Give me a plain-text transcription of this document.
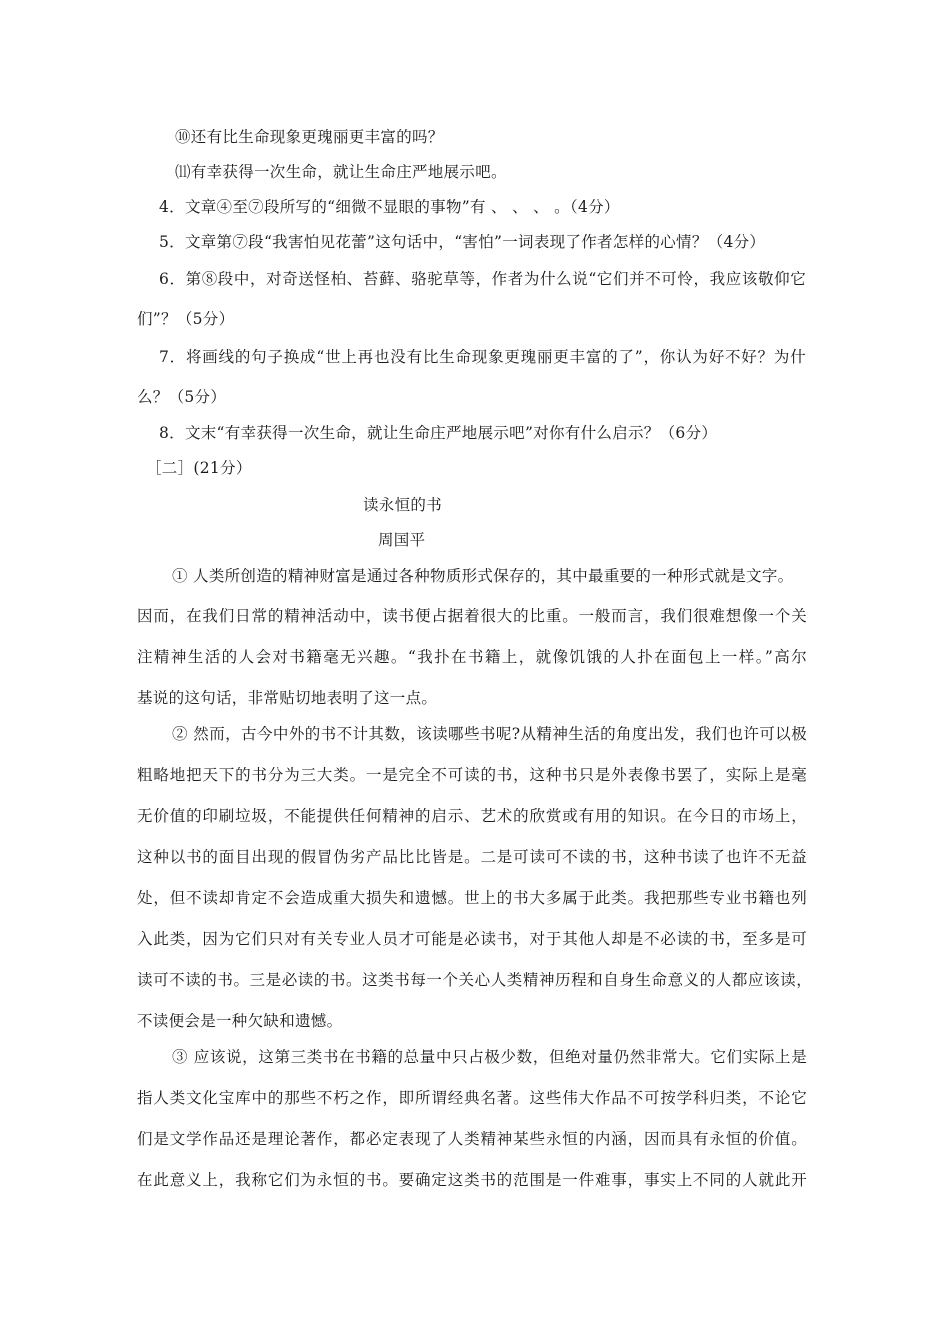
⑩还有比生命现象更瑰丽更丰富的吗？
⑾有幸获得一次生命，就让生命庄严地展示吧。
4．文章④至⑦段所写的“细微不显眼的事物”有 、 、 、 。（4分）
5．文章第⑦段“我害怕见花蕾”这句话中，“害怕”一词表现了作者怎样的心情？（4分）
6．第⑧段中，对奇送怪柏、苔藓、骆驼草等，作者为什么说“它们并不可怜，我应该敬仰它
们”？（5分）
7．将画线的句子换成“世上再也没有比生命现象更瑰丽更丰富的了”，你认为好不好？为什
么？（5分）
8．文末“有幸获得一次生命，就让生命庄严地展示吧”对你有什么启示？（6分）
［二］(21分）
读永恒的书
周国平
① 人类所创造的精神财富是通过各种物质形式保存的，其中最重要的一种形式就是文字。
因而，在我们日常的精神活动中，读书便占据着很大的比重。一般而言，我们很难想像一个关
注精神生活的人会对书籍毫无兴趣。“我扑在书籍上，就像饥饿的人扑在面包上一样。”高尔
基说的这句话，非常贴切地表明了这一点。
② 然而，古今中外的书不计其数，该读哪些书呢?从精神生活的角度出发，我们也许可以极
粗略地把天下的书分为三大类。一是完全不可读的书，这种书只是外表像书罢了，实际上是毫
无价值的印刷垃圾，不能提供任何精神的启示、艺术的欣赏或有用的知识。在今日的市场上，
这种以书的面目出现的假冒伪劣产品比比皆是。二是可读可不读的书，这种书读了也许不无益
处，但不读却肯定不会造成重大损失和遗憾。世上的书大多属于此类。我把那些专业书籍也列
入此类，因为它们只对有关专业人员才可能是必读书，对于其他人却是不必读的书，至多是可
读可不读的书。三是必读的书。这类书每一个关心人类精神历程和自身生命意义的人都应该读，
不读便会是一种欠缺和遗憾。
③ 应该说，这第三类书在书籍的总量中只占极少数，但绝对量仍然非常大。它们实际上是
指人类文化宝库中的那些不朽之作，即所谓经典名著。这些伟大作品不可按学科归类，不论它
们是文学作品还是理论著作，都必定表现了人类精神某些永恒的内涵，因而具有永恒的价值。
在此意义上，我称它们为永恒的书。要确定这类书的范围是一件难事，事实上不同的人就此开
